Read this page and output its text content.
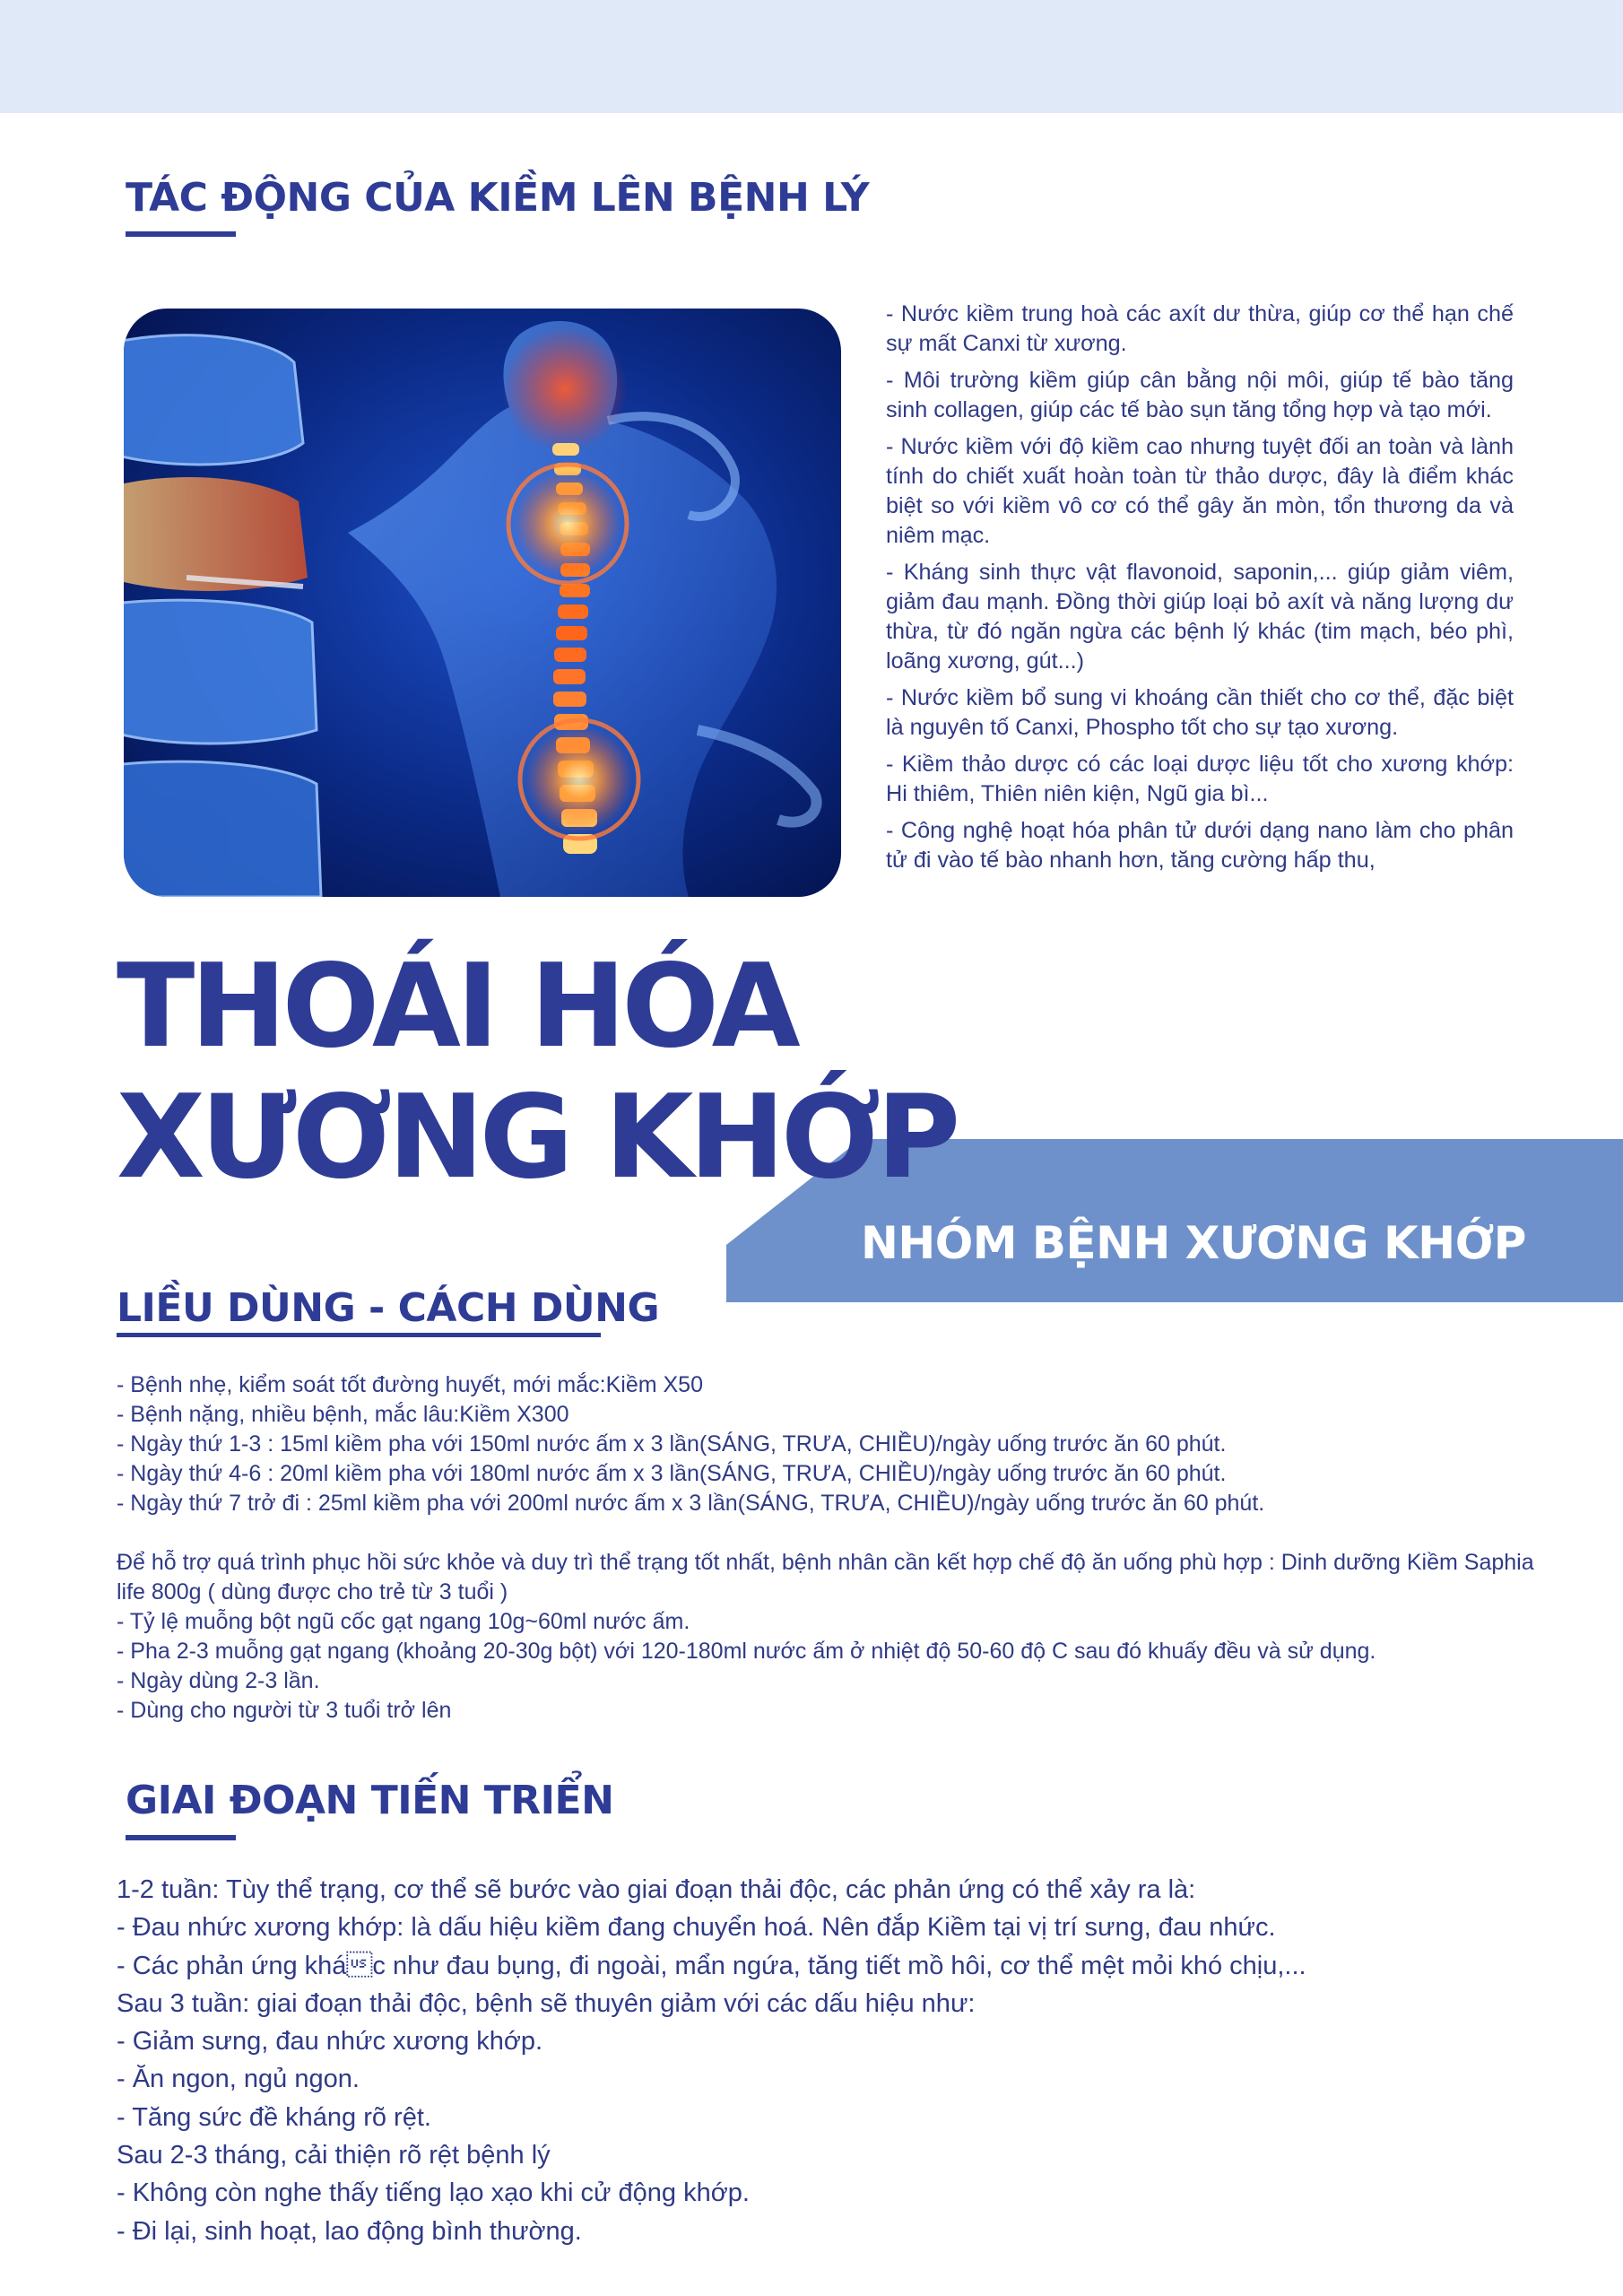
TÁC ĐỘNG CỦA KIỀM LÊN BỆNH LÝ

- Nước kiềm trung hoà các axít dư thừa, giúp cơ thể hạn chế sự mất Canxi từ xương.

- Môi trường kiềm giúp cân bằng nội môi, giúp tế bào tăng sinh collagen, giúp các tế bào sụn tăng tổng hợp và tạo mới.

- Nước kiềm với độ kiềm cao nhưng tuyệt đối an toàn và lành tính do chiết xuất hoàn toàn từ thảo dược, đây là điểm khác biệt so với kiềm vô cơ có thể gây ăn mòn, tổn thương da và niêm mạc.

- Kháng sinh thực vật flavonoid, saponin,... giúp giảm viêm, giảm đau mạnh. Đồng thời giúp loại bỏ axít và năng lượng dư thừa, từ đó ngăn ngừa các bệnh lý khác (tim mạch, béo phì, loãng xương, gút...)

- Nước kiềm bổ sung vi khoáng cần thiết cho cơ thể, đặc biệt là nguyên tố Canxi, Phospho tốt cho sự tạo xương.

- Kiềm thảo dược có các loại dược liệu tốt cho xương khớp: Hi thiêm, Thiên niên kiện, Ngũ gia bì...

- Công nghệ hoạt hóa phân tử dưới dạng nano làm cho phân tử đi vào tế bào nhanh hơn, tăng cường hấp thu,

NHÓM BỆNH XƯƠNG KHỚP
THOÁI HÓA
XƯƠNG KHỚP
LIỀU DÙNG - CÁCH DÙNG

- Bệnh nhẹ, kiểm soát tốt đường huyết, mới mắc:Kiềm X50

- Bệnh nặng, nhiều bệnh, mắc lâu:Kiềm X300

- Ngày thứ 1-3 : 15ml kiềm pha với 150ml nước ấm x 3 lần(SÁNG, TRƯA, CHIỀU)/ngày uống trước ăn 60 phút.

- Ngày thứ 4-6 : 20ml kiềm pha với 180ml nước ấm x 3 lần(SÁNG, TRƯA, CHIỀU)/ngày uống trước ăn 60 phút.

- Ngày thứ 7 trở đi : 25ml kiềm pha với 200ml nước ấm x 3 lần(SÁNG, TRƯA, CHIỀU)/ngày uống trước ăn 60 phút.

Để hỗ trợ quá trình phục hồi sức khỏe và duy trì thể trạng tốt nhất, bệnh nhân cần kết hợp chế độ ăn uống phù hợp : Dinh dưỡng Kiềm Saphia life 800g ( dùng được cho trẻ từ 3 tuổi )

- Tỷ lệ muỗng bột ngũ cốc gạt ngang 10g~60ml nước ấm.

- Pha 2-3 muỗng gạt ngang (khoảng 20-30g bột) với 120-180ml nước ấm ở nhiệt độ 50-60 độ C sau đó khuấy đều và sử dụng.

- Ngày dùng 2-3 lần.

- Dùng cho người từ 3 tuổi trở lên

GIAI ĐOẠN TIẾN TRIỂN

1-2 tuần: Tùy thể trạng, cơ thể sẽ bước vào giai đoạn thải độc, các phản ứng có thể xảy ra là:

- Đau nhức xương khớp: là dấu hiệu kiềm đang chuyển hoá. Nên đắp Kiềm tại vị trí sưng, đau nhức.

- Các phản ứng khác như đau bụng, đi ngoài, mẩn ngứa, tăng tiết mồ hôi, cơ thể mệt mỏi khó chịu,...

Sau 3 tuần: giai đoạn thải độc, bệnh sẽ thuyên giảm với các dấu hiệu như:

- Giảm sưng, đau nhức xương khớp.

- Ăn ngon, ngủ ngon.

- Tăng sức đề kháng rõ rệt.

Sau 2-3 tháng, cải thiện rõ rệt bệnh lý

- Không còn nghe thấy tiếng lạo xạo khi cử động khớp.

- Đi lại, sinh hoạt, lao động bình thường.
